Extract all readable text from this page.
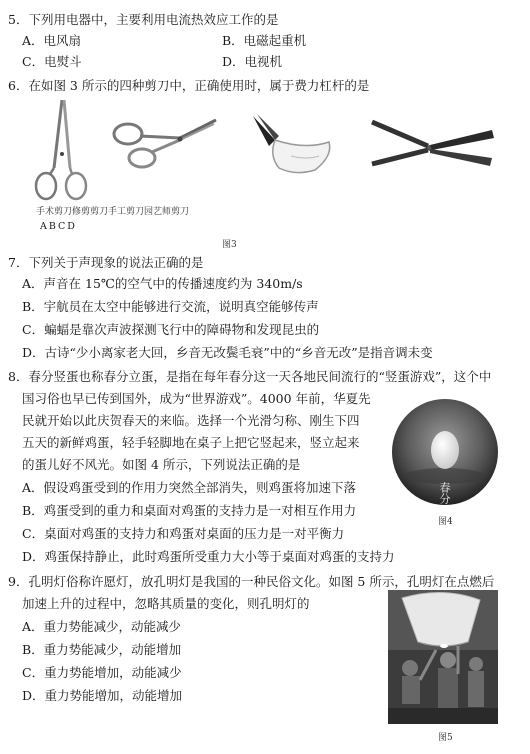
5．下列用电器中，主要利用电流热效应工作的是
A．电风扇	B．电磁起重机
C．电熨斗	D．电视机
6．在如图 3 所示的四种剪刀中，正确使用时，属于费力杠杆的是
手术剪刀修剪剪刀手工剪刀园艺师剪刀
ABCD
图3
7．下列关于声现象的说法正确的是
A．声音在 15℃的空气中的传播速度约为 340m/s
B．宇航员在太空中能够进行交流，说明真空能够传声
C．蝙蝠是靠次声波探测飞行中的障碍物和发现昆虫的
D．古诗“少小离家老大回，乡音无改鬓毛衰”中的“乡音无改”是指音调未变
8．春分竖蛋也称春分立蛋，是指在每年春分这一天各地民间流行的“竖蛋游戏”，这个中
国习俗也早已传到国外，成为“世界游戏”。4000 年前，华夏先
民就开始以此庆贺春天的来临。选择一个光滑匀称、刚生下四
五天的新鲜鸡蛋，轻手轻脚地在桌子上把它竖起来，竖立起来
的蛋儿好不风光。如图 4 所示，下列说法正确的是
A．假设鸡蛋受到的作用力突然全部消失，则鸡蛋将加速下落
B．鸡蛋受到的重力和桌面对鸡蛋的支持力是一对相互作用力
C．桌面对鸡蛋的支持力和鸡蛋对桌面的压力是一对平衡力
D．鸡蛋保持静止，此时鸡蛋所受重力大小等于桌面对鸡蛋的支持力
春分
图4
9．孔明灯俗称许愿灯，放孔明灯是我国的一种民俗文化。如图 5 所示，孔明灯在点燃后
加速上升的过程中，忽略其质量的变化，则孔明灯的
A．重力势能减少，动能减少
B．重力势能减少，动能增加
C．重力势能增加，动能减少
D．重力势能增加，动能增加
图5
